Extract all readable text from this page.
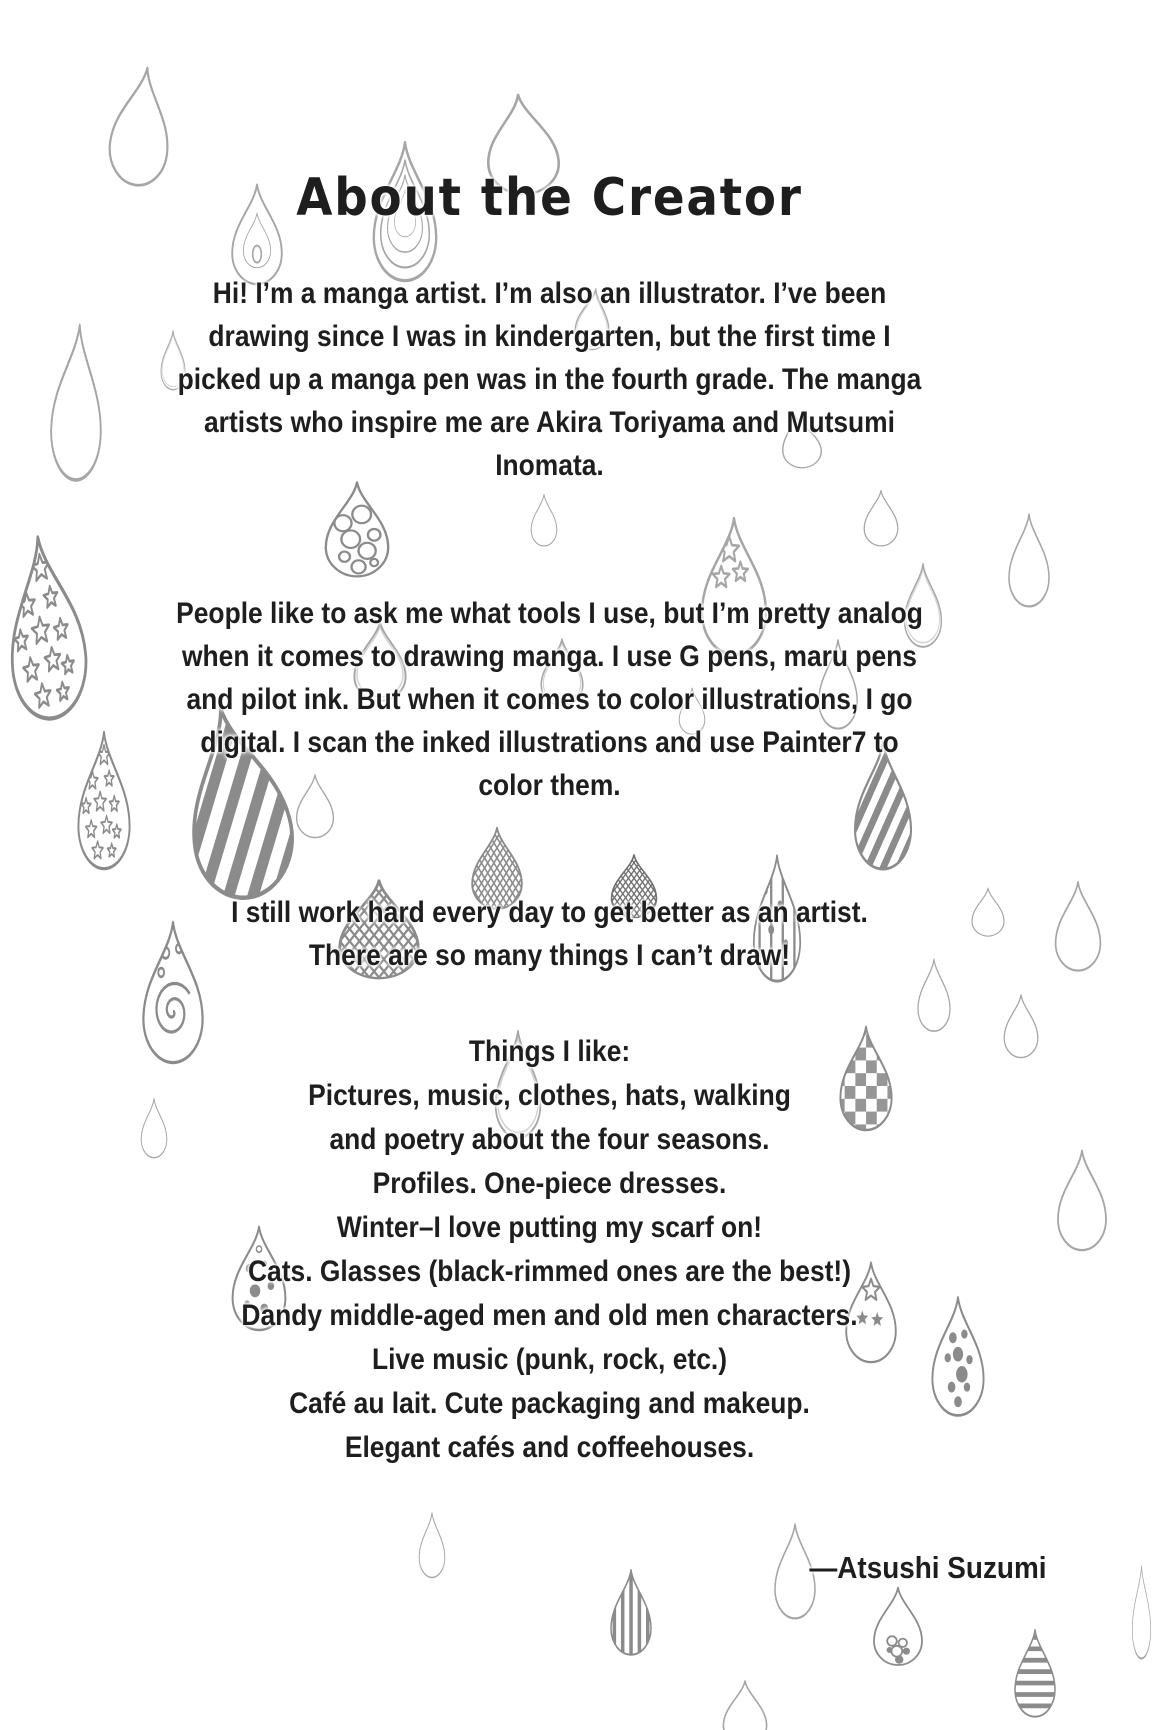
About the Creator
Hi! I’m a manga artist. I’m also an illustrator. I’ve been
drawing since I was in kindergarten, but the first time I
picked up a manga pen was in the fourth grade. The manga
artists who inspire me are Akira Toriyama and Mutsumi
Inomata.
People like to ask me what tools I use, but I’m pretty analog
when it comes to drawing manga. I use G pens, maru pens
and pilot ink. But when it comes to color illustrations, I go
digital. I scan the inked illustrations and use Painter7 to
color them.
I still work hard every day to get better as an artist.
There are so many things I can’t draw!
Things I like:
Pictures, music, clothes, hats, walking
and poetry about the four seasons.
Profiles. One-piece dresses.
Winter–I love putting my scarf on!
Cats. Glasses (black-rimmed ones are the best!)
Dandy middle-aged men and old men characters.
Live music (punk, rock, etc.)
Café au lait. Cute packaging and makeup.
Elegant cafés and coffeehouses.
—Atsushi Suzumi
